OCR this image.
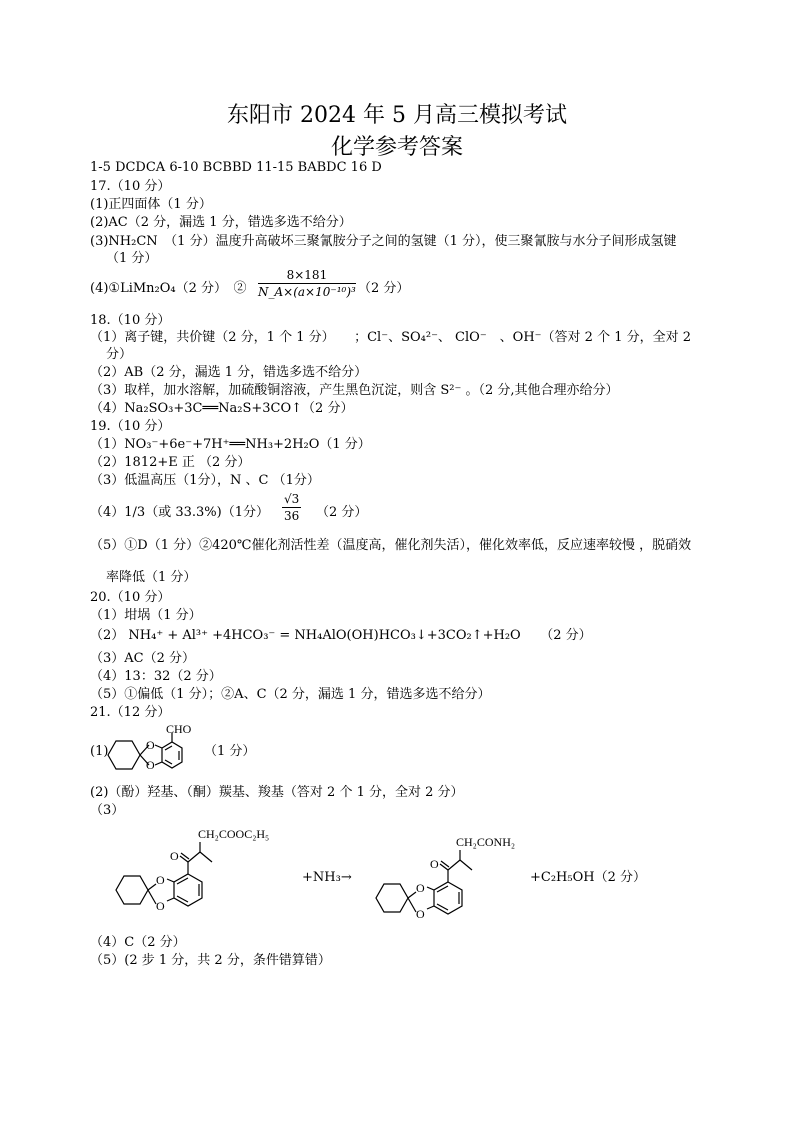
东阳市 2024 年 5 月高三模拟考试
化学参考答案
1-5 DCDCA 6-10 BCBBD 11-15 BABDC 16 D
17.（10 分）
(1)正四面体（1 分）
(2)AC（2 分，漏选 1 分，错选多选不给分）
(3)NH₂CN　（1 分）温度升高破坏三聚氰胺分子之间的氢键（1 分），使三聚氰胺与水分子间形成氢键
（1 分）
(4)①LiMn₂O₄（2 分）　② $\frac{8\times 181}{\text{N\_A×(a×10⁻¹⁰)³}} (2$ 分）
18.（10 分）
（1）离子键，共价键（2 分，1 个 1 分）　　；Cl⁻、SO₄²⁻、 ClO⁻　、OH⁻（答对 2 个 1 分，全对 2
分）
（2）AB（2 分，漏选 1 分，错选多选不给分）
（3）取样，加水溶解，加硫酸铜溶液，产生黑色沉淀，则含 S²⁻ 。（2 分,其他合理亦给分）
（4）Na₂SO₃+3C══Na₂S+3CO↑（2 分）
19.（10 分）
（1）NO₃⁻+6e⁻+7H⁺══NH₃+2H₂O（1 分）
（2）1812+E 正 （2 分）
（3）低温高压（1分），N 、C （1分）
（4）1/3（或 33.3%)（1分） $\frac{√3}{36} (2$ 分）
（5）①D（1 分）②420℃催化剂活性差（温度高，催化剂失活），催化效率低，反应速率较慢 ，脱硝效
率降低（1 分）
20.（10 分）
（1）坩埚（1 分）
（2） NH₄⁺ + Al³⁺ +4HCO₃⁻ = NH₄AlO(OH)HCO₃↓+3CO₂↑+H₂O　　（2 分）
（3）AC（2 分）
（4）13：32（2 分）
（5）①偏低（1 分）；②A、C（2 分，漏选 1 分，错选多选不给分）
21.（12 分）
(1)	O
O
CHO
（1 分）
(2)（酚）羟基、（酮）羰基、羧基（答对 2 个 1 分，全对 2 分）
（3）
CH₂COOC₂H₅
O
O
O
+NH₃→
CH₂CONH₂
O
O
O
+C₂H₅OH（2 分）
（4）C（2 分）
（5）(2 步 1 分，共 2 分，条件错算错）
